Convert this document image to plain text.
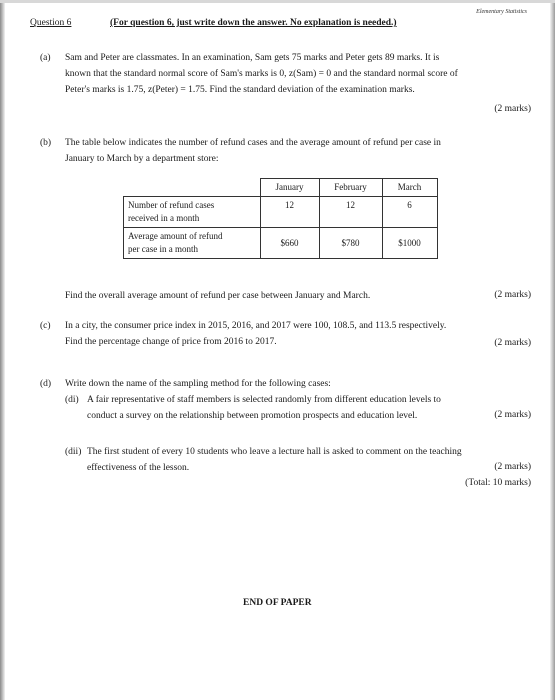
Elementary Statistics
Question 6	(For question 6, just write down the answer. No explanation is needed.)
(a) Sam and Peter are classmates. In an examination, Sam gets 75 marks and Peter gets 89 marks. It is
known that the standard normal score of Sam's marks is 0, z(Sam) = 0 and the standard normal score of
Peter's marks is 1.75, z(Peter) = 1.75. Find the standard deviation of the examination marks.
(2 marks)
(b) The table below indicates the number of refund cases and the average amount of refund per case in
January to March by a department store:
	January	February	March

Number of refund cases
received in a month	12	12	6

Average amount of refund
per case in a month	$660	$780	$1000
Find the overall average amount of refund per case between January and March.	(2 marks)
(c) In a city, the consumer price index in 2015, 2016, and 2017 were 100, 108.5, and 113.5 respectively.
Find the percentage change of price from 2016 to 2017.	(2 marks)
(d) Write down the name of the sampling method for the following cases:
(di) A fair representative of staff members is selected randomly from different education levels to
conduct a survey on the relationship between promotion prospects and education level.	(2 marks)
(dii) The first student of every 10 students who leave a lecture hall is asked to comment on the teaching
effectiveness of the lesson.	(2 marks)
(Total: 10 marks)
END OF PAPER
